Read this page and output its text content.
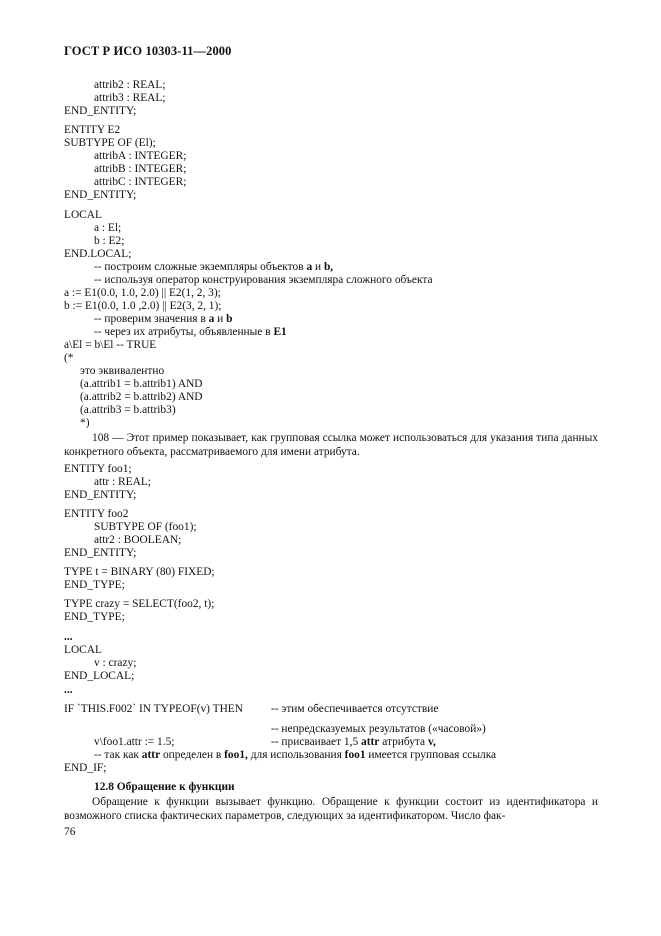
ГОСТ Р ИСО 10303-11—2000
attrib2 : REAL;
attrib3 : REAL;
END_ENTITY;
ENTITY E2
SUBTYPE OF (El);
attribA : INTEGER;
attribB : INTEGER;
attribC : INTEGER;
END_ENTITY;
LOCAL
a : El;
b : E2;
END.LOCAL;
-- построим сложные экземпляры объектов a и b,
-- используя оператор конструирования экземпляра сложного объекта
a := E1(0.0, 1.0, 2.0) || E2(1, 2, 3);
b := E1(0.0, 1.0 ,2.0) || E2(3, 2, 1);
-- проверим значения в a и b
-- через их атрибуты, объявленные в E1
a\El = b\El -- TRUE
(*
это эквивалентно
(a.attrib1 = b.attrib1) AND
(a.attrib2 = b.attrib2) AND
(a.attrib3 = b.attrib3)
*)
108 — Этот пример показывает, как групповая ссылка может использоваться для указания типа данных конкретного объекта, рассматриваемого для имени атрибута.
ENTITY foo1;
attr : REAL;
END_ENTITY;
ENTITY foo2
SUBTYPE OF (foo1);
attr2 : BOOLEAN;
END_ENTITY;
TYPE t = BINARY (80) FIXED;
END_TYPE;
TYPE crazy = SELECT(foo2, t);
...
END_TYPE;
LOCAL
v : crazy;
END_LOCAL;
...
IF `THIS.F002` IN TYPEOF(v) THEN -- этим обеспечивается отсутствие
-- непредсказуемых результатов («часовой»)
v\foo1.attr := 1.5;	-- присваивает 1,5 attr атрибута v,
-- так как attr определен в foo1, для использования foo1 имеется групповая ссылка
END_IF;
12.8 Обращение к функции
Обращение к функции вызывает функцию. Обращение к функции состоит из идентификатора и возможного списка фактических параметров, следующих за идентификатором. Число фак-
76
